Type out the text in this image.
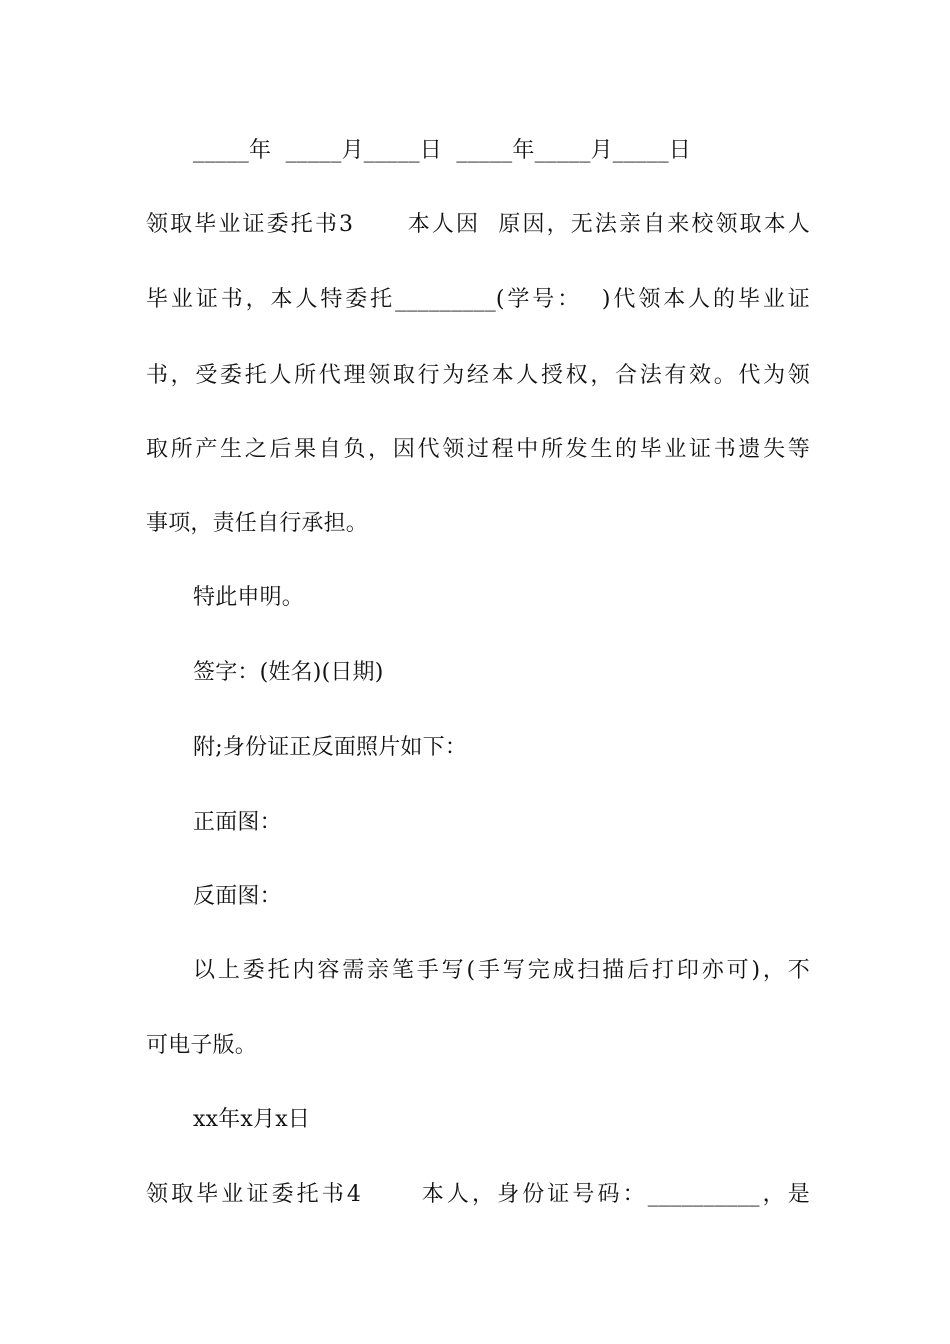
_____年  _____月_____日  _____年_____月_____日
领取毕业证委托书3      本人因  原因，无法亲自来校领取本人
毕业证书，本人特委托_________(学号：  )代领本人的毕业证
书，受委托人所代理领取行为经本人授权，合法有效。代为领
取所产生之后果自负，因代领过程中所发生的毕业证书遗失等
事项，责任自行承担。
特此申明。
签字：(姓名)(日期)
附;身份证正反面照片如下：
正面图：
反面图：
以上委托内容需亲笔手写(手写完成扫描后打印亦可)，不
可电子版。
xx年x月x日
领取毕业证委托书4      本人，身份证号码：__________，是
